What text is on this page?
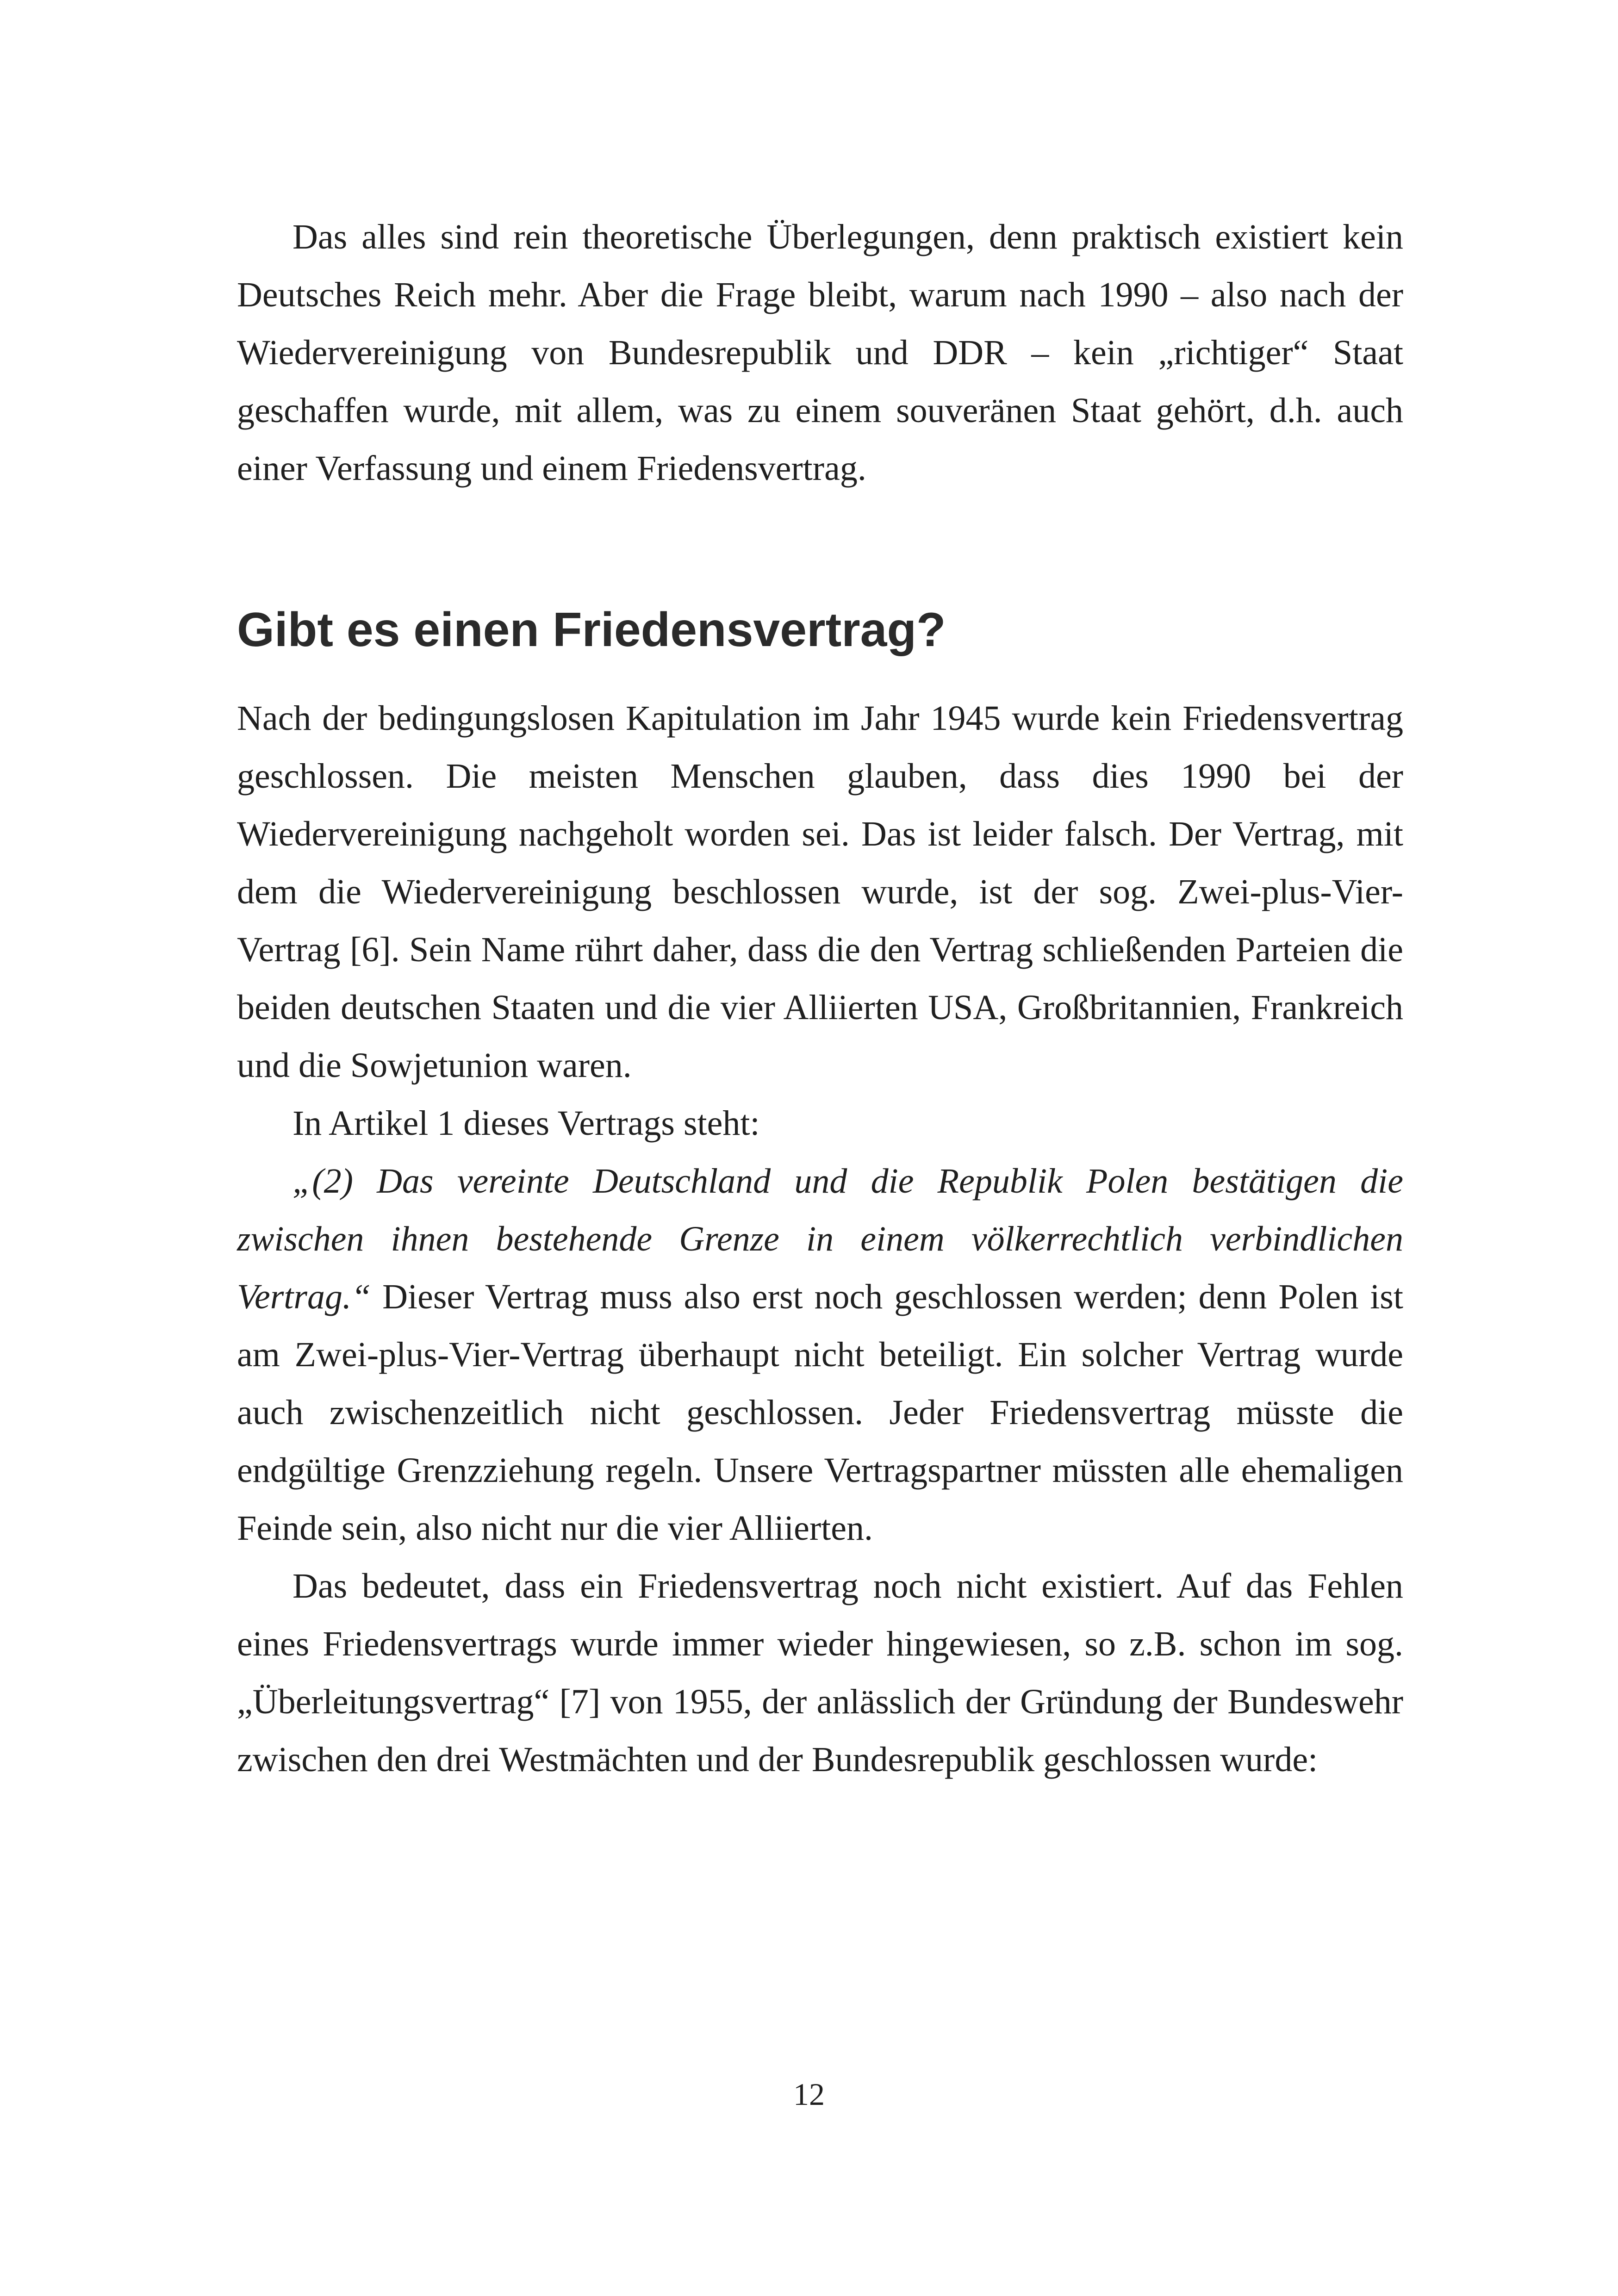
Das alles sind rein theoretische Überlegungen, denn praktisch existiert kein Deutsches Reich mehr. Aber die Frage bleibt, warum nach 1990 – also nach der Wiedervereinigung von Bundesrepublik und DDR – kein „richtiger“ Staat geschaffen wurde, mit allem, was zu einem souveränen Staat gehört, d.h. auch einer Verfassung und einem Friedensvertrag.

Gibt es einen Friedensvertrag?

Nach der bedingungslosen Kapitulation im Jahr 1945 wurde kein Friedensvertrag geschlossen. Die meisten Menschen glauben, dass dies 1990 bei der Wiedervereinigung nachgeholt worden sei. Das ist leider falsch. Der Vertrag, mit dem die Wiedervereinigung beschlossen wurde, ist der sog. Zwei-plus-Vier-Vertrag [6]. Sein Name rührt daher, dass die den Vertrag schließenden Parteien die beiden deutschen Staaten und die vier Alliierten USA, Großbritannien, Frankreich und die Sowjetunion waren.

In Artikel 1 dieses Vertrags steht:

„(2) Das vereinte Deutschland und die Republik Polen bestätigen die zwischen ihnen bestehende Grenze in einem völkerrechtlich verbindlichen Vertrag.“ Dieser Vertrag muss also erst noch geschlossen werden; denn Polen ist am Zwei-plus-Vier-Vertrag überhaupt nicht beteiligt. Ein solcher Vertrag wurde auch zwischenzeitlich nicht geschlossen. Jeder Friedensvertrag müsste die endgültige Grenzziehung regeln. Unsere Vertragspartner müssten alle ehemaligen Feinde sein, also nicht nur die vier Alliierten.

Das bedeutet, dass ein Friedensvertrag noch nicht existiert. Auf das Fehlen eines Friedensvertrags wurde immer wieder hingewiesen, so z.B. schon im sog. „Überleitungsvertrag“ [7] von 1955, der anlässlich der Gründung der Bundeswehr zwischen den drei Westmächten und der Bundesrepublik geschlossen wurde:

12
